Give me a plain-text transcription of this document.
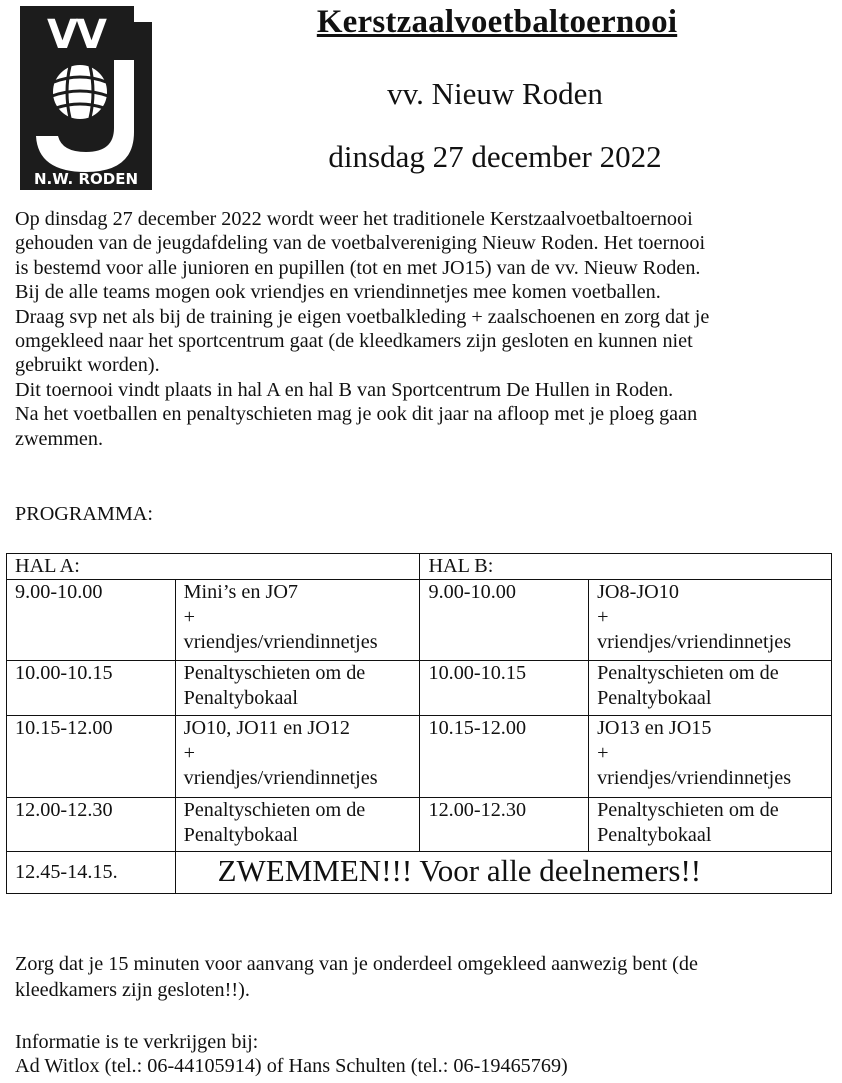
VV
N.W. RODEN
Kerstzaalvoetbaltoernooi
vv. Nieuw Roden
dinsdag 27 december 2022

Op dinsdag 27 december 2022 wordt weer het traditionele Kerstzaalvoetbaltoernooi
gehouden van de jeugdafdeling van de voetbalvereniging Nieuw Roden. Het toernooi
is bestemd voor alle junioren en pupillen (tot en met JO15) van de vv. Nieuw Roden.
Bij de alle teams mogen ook vriendjes en vriendinnetjes mee komen voetballen.
Draag svp net als bij de training je eigen voetbalkleding + zaalschoenen en zorg dat je
omgekleed naar het sportcentrum gaat (de kleedkamers zijn gesloten en kunnen niet
gebruikt worden).
Dit toernooi vindt plaats in hal A en hal B van Sportcentrum De Hullen in Roden.
Na het voetballen en penaltyschieten mag je ook dit jaar na afloop met je ploeg gaan
zwemmen.

PROGRAMMA:
HAL A:		HAL B:	
9.00-10.00	Mini’s en JO7
+
vriendjes/vriendinnetjes	9.00-10.00	JO8-JO10
+
vriendjes/vriendinnetjes

10.00-10.15	Penaltyschieten om de
Penaltybokaal	10.00-10.15	Penaltyschieten om de
Penaltybokaal

10.15-12.00	JO10, JO11 en JO12
+
vriendjes/vriendinnetjes	10.15-12.00	JO13 en JO15
+
vriendjes/vriendinnetjes

12.00-12.30	Penaltyschieten om de
Penaltybokaal	12.00-12.30	Penaltyschieten om de
Penaltybokaal

12.45-14.15.	ZWEMMEN!!! Voor alle deelnemers!!		

Zorg dat je 15 minuten voor aanvang van je onderdeel omgekleed aanwezig bent (de
kleedkamers zijn gesloten!!).

Informatie is te verkrijgen bij:
Ad Witlox (tel.: 06-44105914) of Hans Schulten (tel.: 06-19465769)
